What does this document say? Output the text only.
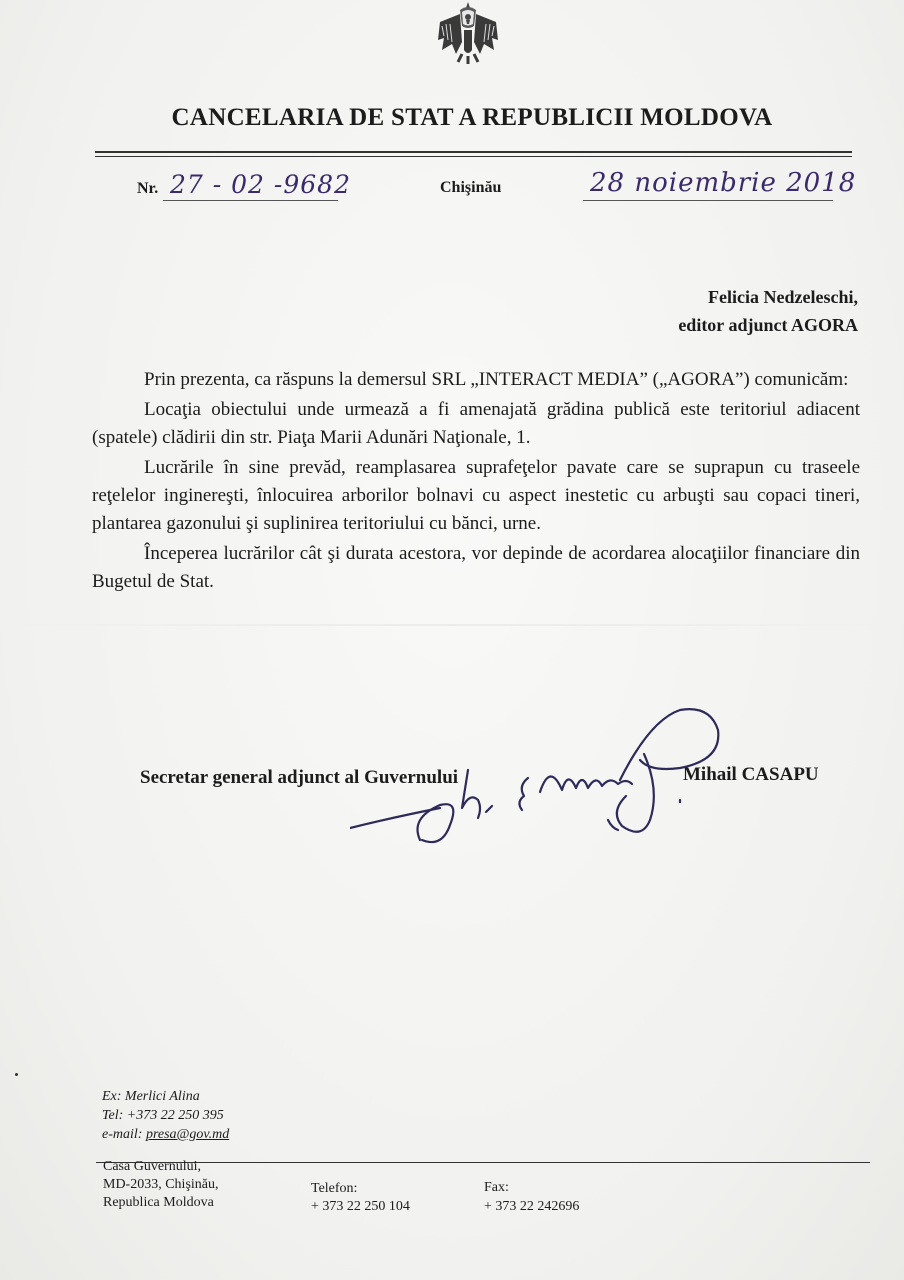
CANCELARIA DE STAT A REPUBLICII MOLDOVA
Nr. 27 - 02 -9682	Chişinău	28 noiembrie 2018
Felicia Nedzeleschi,
editor adjunct AGORA

Prin prezenta, ca răspuns la demersul SRL „INTERACT MEDIA” („AGORA”) comunicăm:

Locaţia obiectului unde urmează a fi amenajată grădina publică este teritoriul adiacent (spatele) clădirii din str. Piaţa Marii Adunări Naţionale, 1.

Lucrările în sine prevăd, reamplasarea suprafeţelor pavate care se suprapun cu traseele reţelelor inginereşti, înlocuirea arborilor bolnavi cu aspect inestetic cu arbuşti sau copaci tineri, plantarea gazonului şi suplinirea teritoriului cu bănci, urne.

Începerea lucrărilor cât şi durata acestora, vor depinde de acordarea alocaţiilor financiare din Bugetul de Stat.

Secretar general adjunct al Guvernului	Mihail CASAPU
Ex: Merlici Alina
Tel: +373 22 250 395
e-mail: presa@gov.md
Casa Guvernului,
MD-2033, Chişinău,
Republica Moldova
Telefon:
+ 373 22 250 104
Fax:
+ 373 22 242696
